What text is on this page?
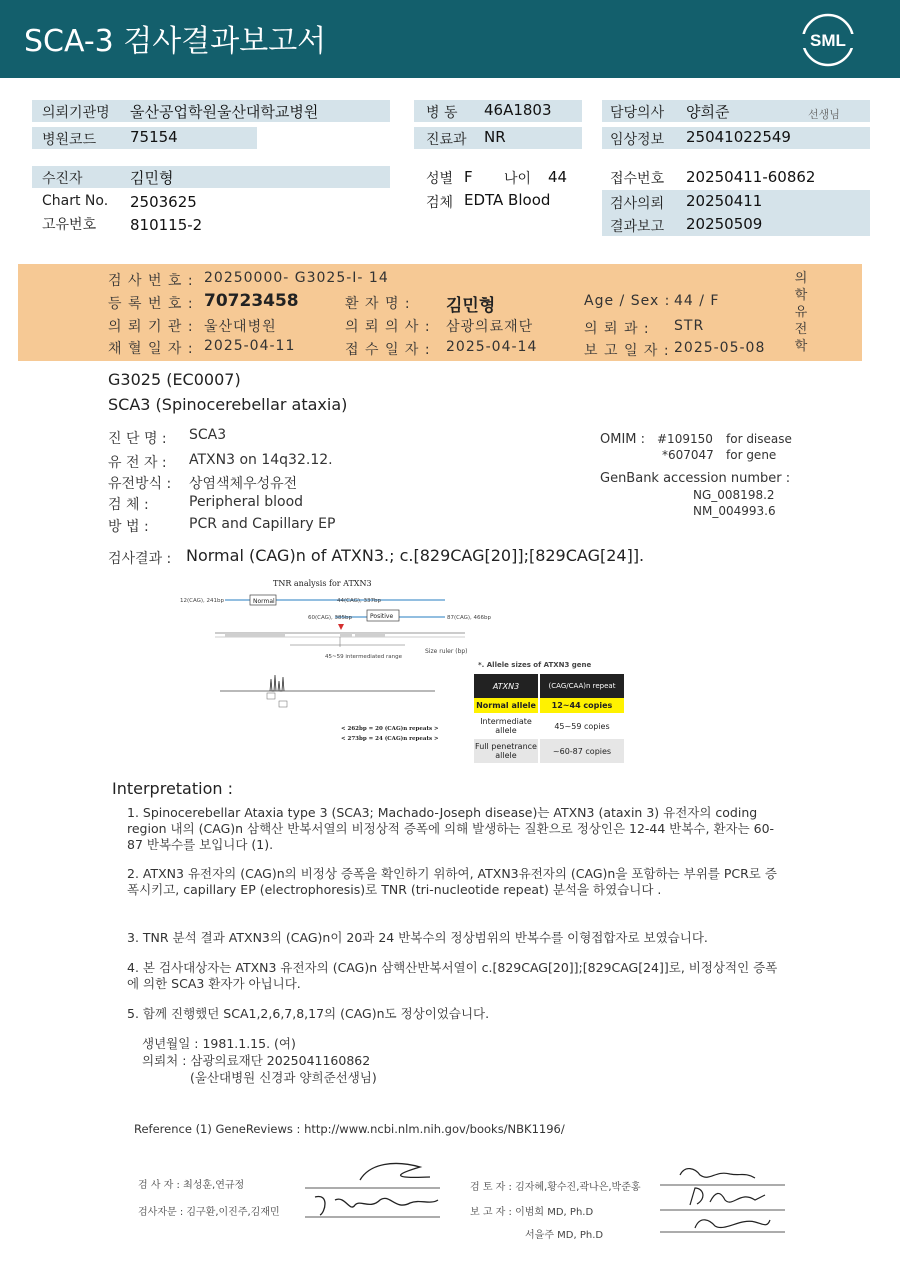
SCA-3 검사결과보고서	SML
의뢰기관명 울산공업학원울산대학교병원	병 동 46A1803	담당의사 양희준	선생님
병원코드 75154	진료과 NR	임상정보 25041022549
수진자	김민형
Chart No. 2503625
고유번호 810115-2
성별 F 나이 44
검체 EDTA Blood
접수번호 20250411-60862
검사의뢰 20250411
결과보고 20250509
검 사 번 호 : 20250000- G3025-I- 14
등 록 번 호 : 70723458	환 자 명 : 김민형	Age / Sex : 44 / F
의 뢰 기 관 : 울산대병원	의 뢰 의 사 : 삼광의료재단	의 뢰 과 : STR
채 혈 일 자 : 2025-04-11	접 수 일 자 : 2025-04-14	보 고 일 자 : 2025-05-08
의학유전학
G3025 (EC0007)
SCA3 (Spinocerebellar ataxia)
진 단 명 : SCA3
유 전 자 : ATXN3 on 14q32.12.
유전방식 : 상염색체우성유전
검 체 :	Peripheral blood
방 법 :	PCR and Capillary EP
OMIM : #109150 for disease
*607047 for gene
GenBank accession number :
NG_008198.2
NM_004993.6
검사결과 : Normal (CAG)n of ATXN3.; c.[829CAG[20]];[829CAG[24]].
TNR analysis for ATXN3
Normal
12(CAG), 241bp	44(CAG), 337bp
Positive
60(CAG), 385bp	87(CAG), 466bp
45~59 intermediated range
Size ruler (bp)
< 262bp = 20 (CAG)n repeats >
< 273bp = 24 (CAG)n repeats >
*. Allele sizes of ATXN3 gene
ATXN3	(CAG/CAA)n repeat
Normal allele	12~44 copies
Intermediate allele	45~59 copies
Full penetrance allele	~60-87 copies
Interpretation :
1. Spinocerebellar Ataxia type 3 (SCA3; Machado-Joseph disease)는 ATXN3 (ataxin 3) 유전자의 coding region 내의 (CAG)n 삼핵산 반복서열의 비정상적 증폭에 의해 발생하는 질환으로 정상인은 12-44 반복수, 환자는 60-87 반복수를 보입니다 (1).
2. ATXN3 유전자의 (CAG)n의 비정상 증폭을 확인하기 위하여, ATXN3유전자의 (CAG)n을 포함하는 부위를 PCR로 증폭시키고, capillary EP (electrophoresis)로 TNR (tri-nucleotide repeat) 분석을 하였습니다 .
3. TNR 분석 결과 ATXN3의 (CAG)n이 20과 24 반복수의 정상범위의 반복수를 이형접합자로 보였습니다.
4. 본 검사대상자는 ATXN3 유전자의 (CAG)n 삼핵산반복서열이 c.[829CAG[20]];[829CAG[24]]로, 비정상적인 증폭에 의한 SCA3 환자가 아닙니다.
5. 함께 진행했던 SCA1,2,6,7,8,17의 (CAG)n도 정상이었습니다.
생년월일 : 1981.1.15. (여)
의뢰처 : 삼광의료재단 2025041160862
(울산대병원 신경과 양희준선생님)
Reference (1) GeneReviews : http://www.ncbi.nlm.nih.gov/books/NBK1196/
검 사 자 : 최성훈,연규정
검사자문 : 김구환,이진주,김재민
검 토 자 : 김자혜,황수진,곽나은,박준홍
보 고 자 : 이범희 MD, Ph.D
서을주 MD, Ph.D
